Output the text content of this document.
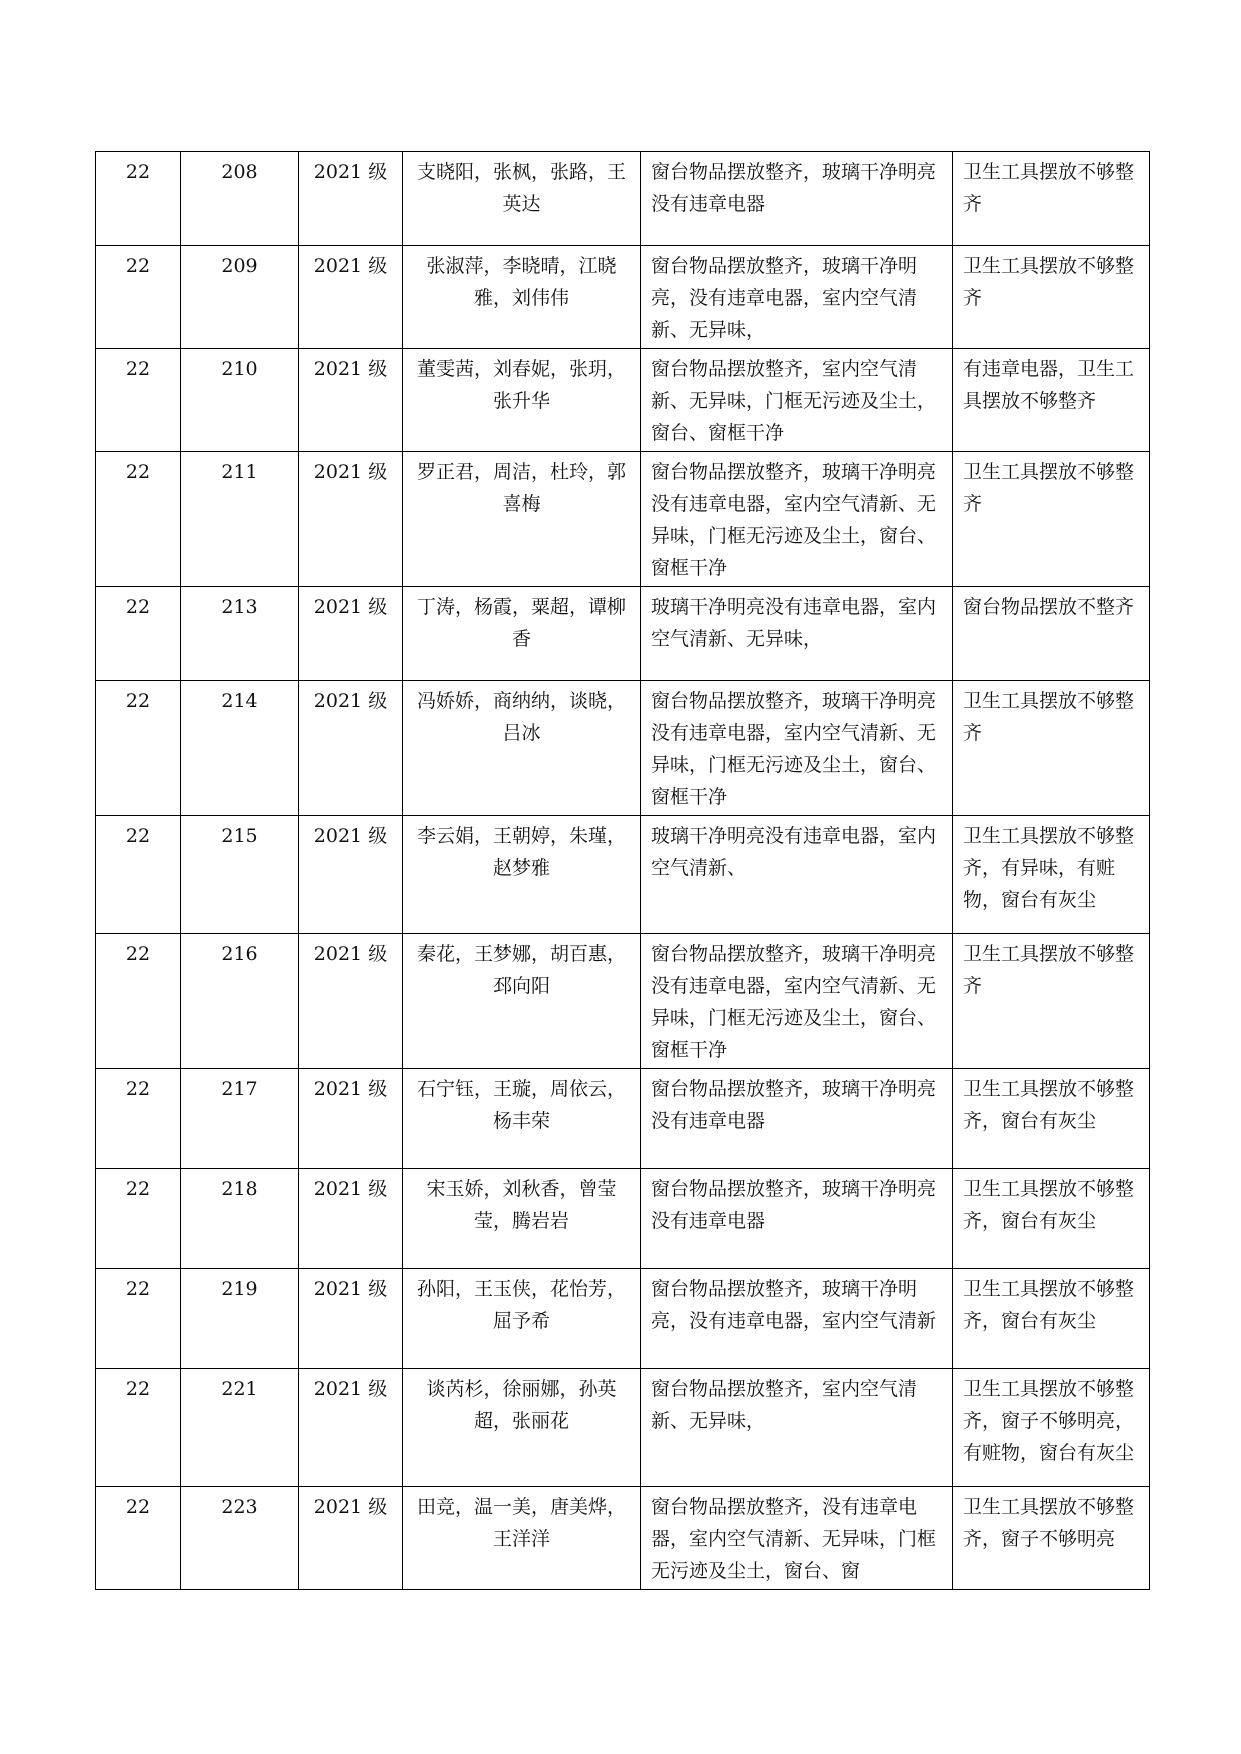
22	208	2021 级	支晓阳，张枫，张路，王英达	窗台物品摆放整齐，玻璃干净明亮没有违章电器	卫生工具摆放不够整齐
22	209	2021 级	张淑萍，李晓晴，江晓雅，刘伟伟	窗台物品摆放整齐，玻璃干净明亮，没有违章电器，室内空气清新、无异味，	卫生工具摆放不够整齐
22	210	2021 级	董雯茜，刘春妮，张玥，张升华	窗台物品摆放整齐，室内空气清新、无异味，门框无污迹及尘土，窗台、窗框干净	有违章电器，卫生工具摆放不够整齐
22	211	2021 级	罗正君，周洁，杜玲，郭喜梅	窗台物品摆放整齐，玻璃干净明亮没有违章电器，室内空气清新、无异味，门框无污迹及尘土，窗台、窗框干净	卫生工具摆放不够整齐
22	213	2021 级	丁涛，杨霞，粟超，谭柳香	玻璃干净明亮没有违章电器，室内空气清新、无异味，	窗台物品摆放不整齐
22	214	2021 级	冯娇娇，商纳纳，谈晓，吕冰	窗台物品摆放整齐，玻璃干净明亮没有违章电器，室内空气清新、无异味，门框无污迹及尘土，窗台、窗框干净	卫生工具摆放不够整齐
22	215	2021 级	李云娟，王朝婷，朱瑾，赵梦雅	玻璃干净明亮没有违章电器，室内空气清新、	卫生工具摆放不够整齐，有异味，有赃物，窗台有灰尘
22	216	2021 级	秦花，王梦娜，胡百惠，邳向阳	窗台物品摆放整齐，玻璃干净明亮没有违章电器，室内空气清新、无异味，门框无污迹及尘土，窗台、窗框干净	卫生工具摆放不够整齐
22	217	2021 级	石宁钰，王璇，周依云，杨丰荣	窗台物品摆放整齐，玻璃干净明亮没有违章电器	卫生工具摆放不够整齐，窗台有灰尘
22	218	2021 级	宋玉娇，刘秋香，曾莹莹，腾岩岩	窗台物品摆放整齐，玻璃干净明亮没有违章电器	卫生工具摆放不够整齐，窗台有灰尘
22	219	2021 级	孙阳，王玉侠，花怡芳，屈予希	窗台物品摆放整齐，玻璃干净明亮，没有违章电器，室内空气清新	卫生工具摆放不够整齐，窗台有灰尘
22	221	2021 级	谈芮杉，徐丽娜，孙英超，张丽花	窗台物品摆放整齐，室内空气清新、无异味，	卫生工具摆放不够整齐，窗子不够明亮，有赃物，窗台有灰尘
22	223	2021 级	田竞，温一美，唐美烨，王洋洋	窗台物品摆放整齐，没有违章电器，室内空气清新、无异味，门框无污迹及尘土，窗台、窗	卫生工具摆放不够整齐，窗子不够明亮
